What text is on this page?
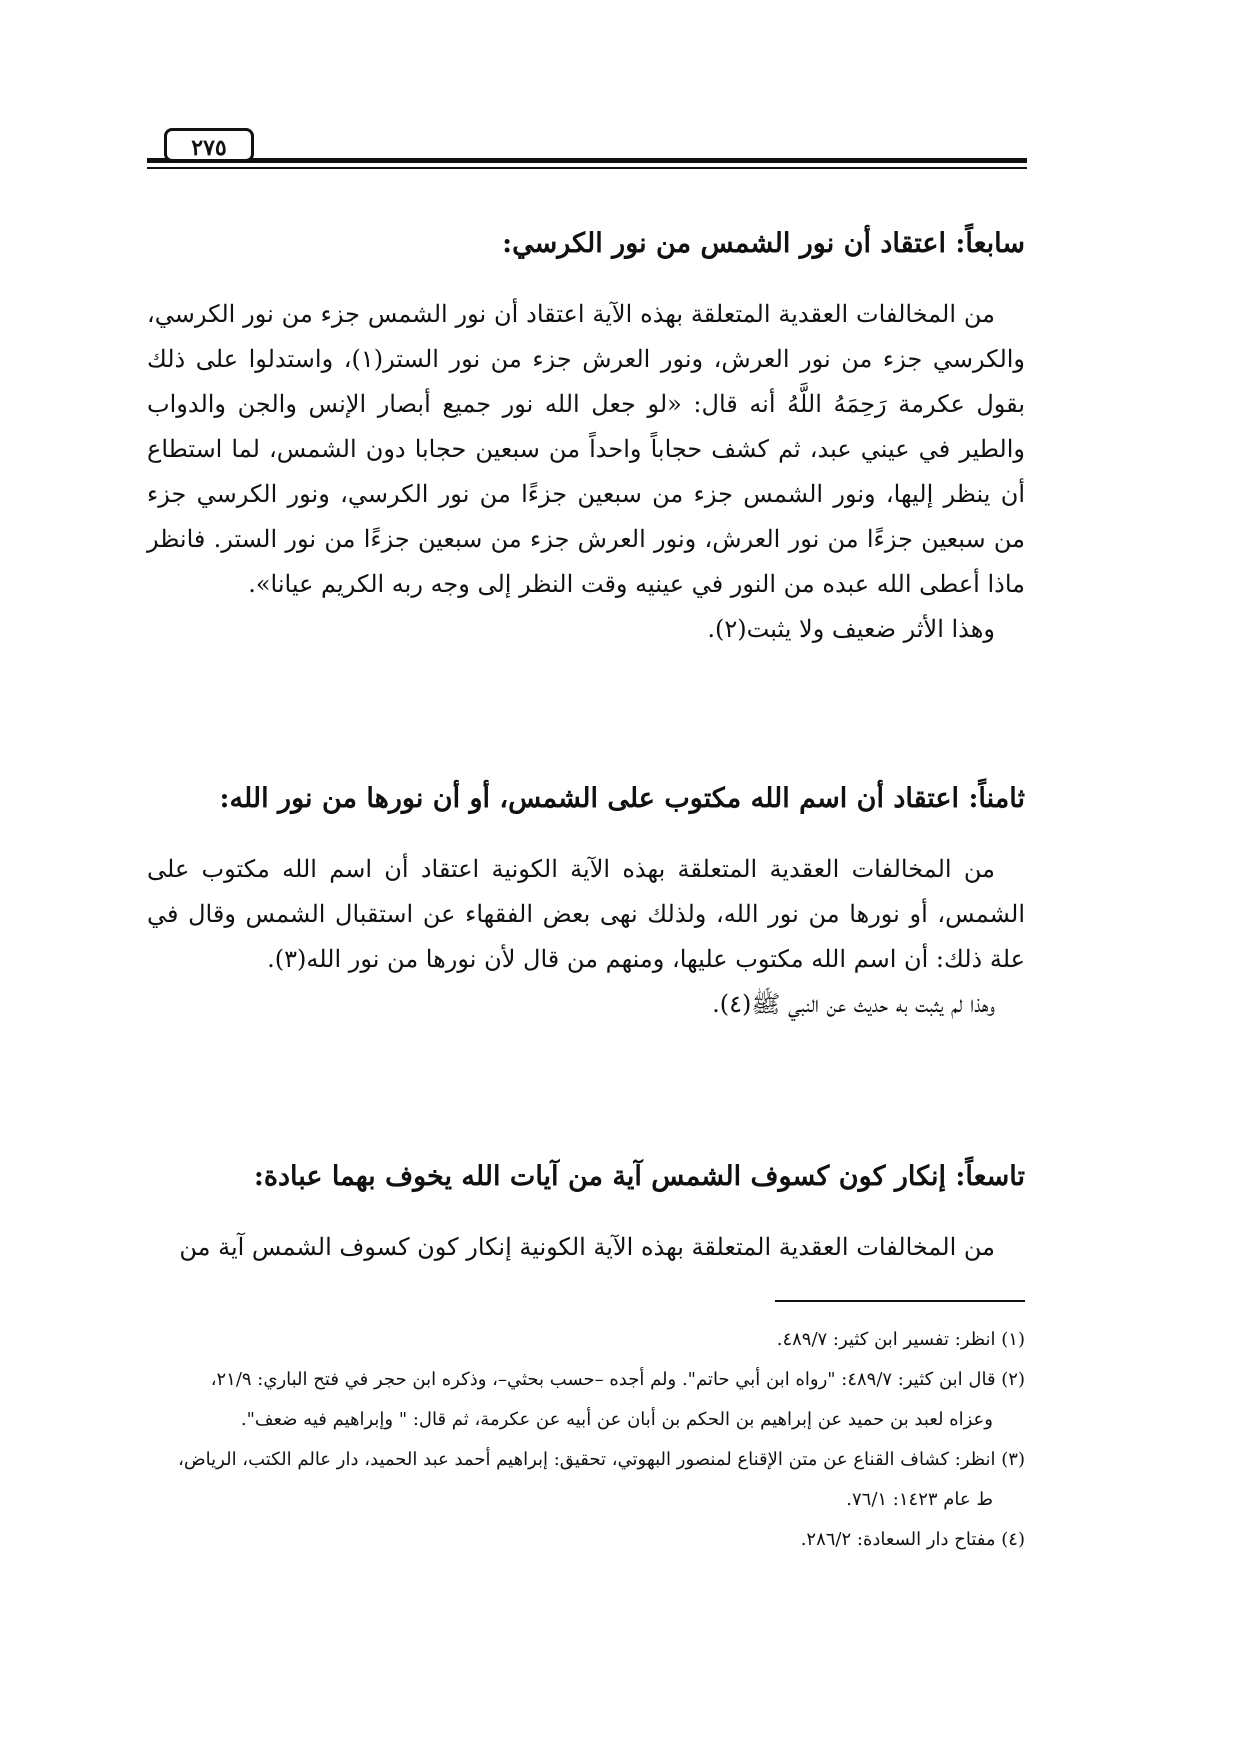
٢٧٥
سابعاً: اعتقاد أن نور الشمس من نور الكرسي:

من المخالفات العقدية المتعلقة بهذه الآية اعتقاد أن نور الشمس جزء من نور الكرسي، والكرسي جزء من نور العرش، ونور العرش جزء من نور الستر(١)، واستدلوا على ذلك بقول عكرمة رَحِمَهُ اللَّهُ أنه قال: «لو جعل الله نور جميع أبصار الإنس والجن والدواب والطير في عيني عبد، ثم كشف حجاباً واحداً من سبعين حجابا دون الشمس، لما استطاع أن ينظر إليها، ونور الشمس جزء من سبعين جزءًا من نور الكرسي، ونور الكرسي جزء من سبعين جزءًا من نور العرش، ونور العرش جزء من سبعين جزءًا من نور الستر. فانظر ماذا أعطى الله عبده من النور في عينيه وقت النظر إلى وجه ربه الكريم عيانا».

وهذا الأثر ضعيف ولا يثبت(٢).

ثامناً: اعتقاد أن اسم الله مكتوب على الشمس، أو أن نورها من نور الله:

من المخالفات العقدية المتعلقة بهذه الآية الكونية اعتقاد أن اسم الله مكتوب على الشمس، أو نورها من نور الله، ولذلك نهى بعض الفقهاء عن استقبال الشمس وقال في علة ذلك: أن اسم الله مكتوب عليها، ومنهم من قال لأن نورها من نور الله(٣).

وهذا لم يثبت به حديث عن النبي ﷺ(٤).

تاسعاً: إنكار كون كسوف الشمس آية من آيات الله يخوف بهما عبادة:

من المخالفات العقدية المتعلقة بهذه الآية الكونية إنكار كون كسوف الشمس آية من

(١) انظر: تفسير ابن كثير: ٤٨٩/٧.

(٢) قال ابن كثير: ٤٨٩/٧: "رواه ابن أبي حاتم". ولم أجده –حسب بحثي–، وذكره ابن حجر في فتح الباري: ٢١/٩،

وعزاه لعبد بن حميد عن إبراهيم بن الحكم بن أبان عن أبيه عن عكرمة، ثم قال: " وإبراهيم فيه ضعف".

(٣) انظر: كشاف القناع عن متن الإقناع لمنصور البهوتي، تحقيق: إبراهيم أحمد عبد الحميد، دار عالم الكتب، الرياض،

ط عام ١٤٢٣: ٧٦/١.

(٤) مفتاح دار السعادة: ٢٨٦/٢.
